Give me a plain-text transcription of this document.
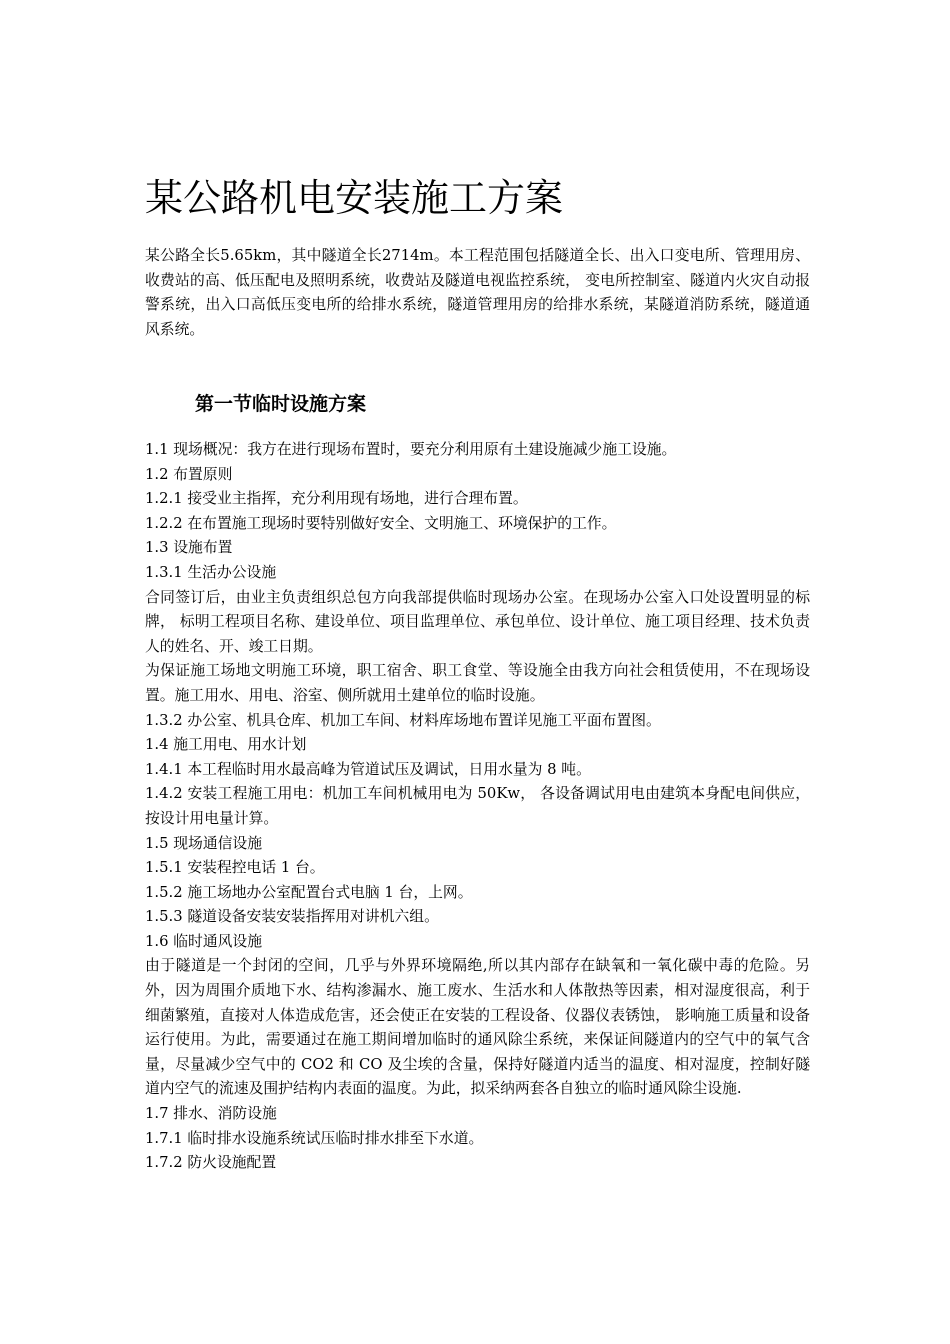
某公路机电安装施工方案

某公路全长5.65km，其中隧道全长2714m。本工程范围包括隧道全长、出入口变电所、管理用房、收费站的高、低压配电及照明系统，收费站及隧道电视监控系统， 变电所控制室、隧道内火灾自动报警系统，出入口高低压变电所的给排水系统，隧道管理用房的给排水系统，某隧道消防系统，隧道通风系统。

第一节临时设施方案
1.1 现场概况：我方在进行现场布置时，要充分利用原有土建设施减少施工设施。
1.2 布置原则
1.2.1 接受业主指挥，充分利用现有场地，进行合理布置。
1.2.2 在布置施工现场时要特别做好安全、文明施工、环境保护的工作。
1.3 设施布置
1.3.1 生活办公设施
合同签订后，由业主负责组织总包方向我部提供临时现场办公室。在现场办公室入口处设置明显的标牌， 标明工程项目名称、建设单位、项目监理单位、承包单位、设计单位、施工项目经理、技术负责人的姓名、开、竣工日期。
为保证施工场地文明施工环境，职工宿舍、职工食堂、等设施全由我方向社会租赁使用，不在现场设置。施工用水、用电、浴室、侧所就用土建单位的临时设施。
1.3.2 办公室、机具仓库、机加工车间、材料库场地布置详见施工平面布置图。
1.4 施工用电、用水计划
1.4.1 本工程临时用水最高峰为管道试压及调试，日用水量为 8 吨。
1.4.2 安装工程施工用电：机加工车间机械用电为 50Kw， 各设备调试用电由建筑本身配电间供应，按设计用电量计算。
1.5 现场通信设施
1.5.1 安装程控电话 1 台。
1.5.2 施工场地办公室配置台式电脑 1 台，上网。
1.5.3 隧道设备安装安装指挥用对讲机六组。
1.6 临时通风设施
由于隧道是一个封闭的空间，几乎与外界环境隔绝,所以其内部存在缺氧和一氧化碳中毒的危险。另外，因为周围介质地下水、结构渗漏水、施工废水、生活水和人体散热等因素，相对湿度很高，利于细菌繁殖，直接对人体造成危害，还会使正在安装的工程设备、仪器仪表锈蚀， 影响施工质量和设备运行使用。为此，需要通过在施工期间增加临时的通风除尘系统，来保证间隧道内的空气中的氧气含量，尽量减少空气中的 CO2 和 CO 及尘埃的含量，保持好隧道内适当的温度、相对湿度，控制好隧道内空气的流速及围护结构内表面的温度。为此，拟采纳两套各自独立的临时通风除尘设施.
1.7 排水、消防设施
1.7.1 临时排水设施系统试压临时排水排至下水道。
1.7.2 防火设施配置
